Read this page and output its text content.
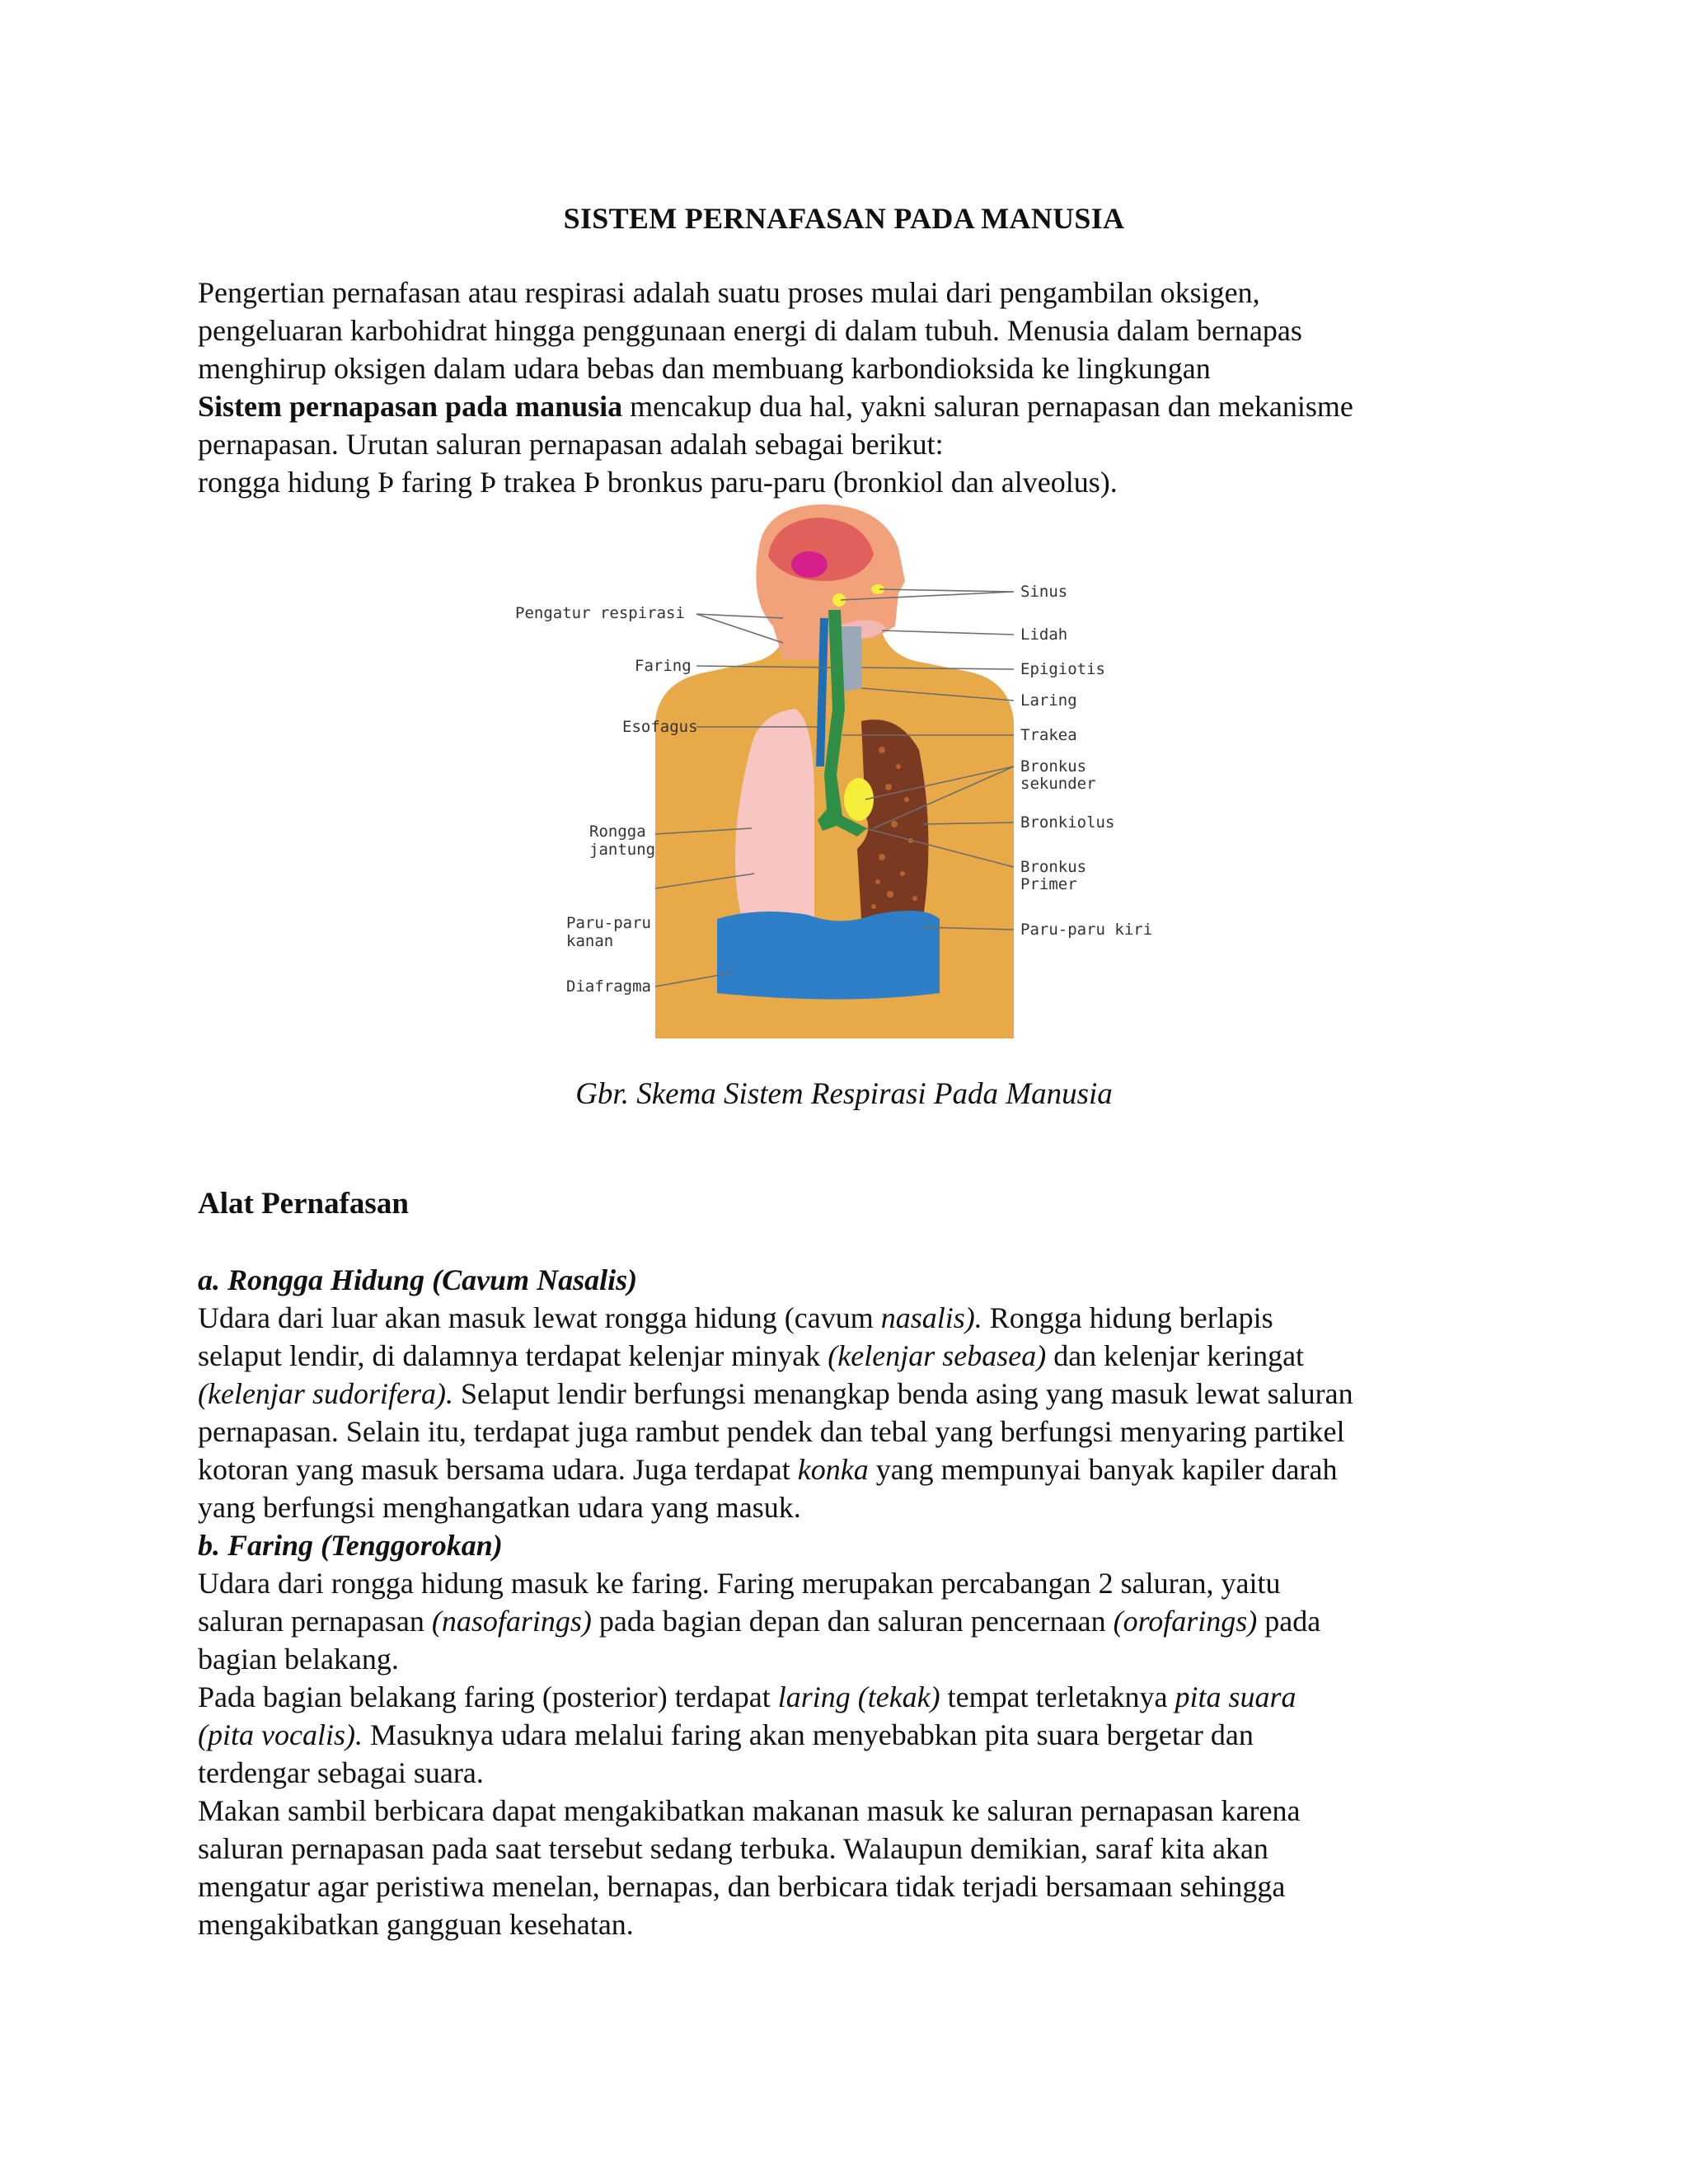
SISTEM PERNAFASAN PADA MANUSIA
Pengertian pernafasan atau respirasi adalah suatu proses mulai dari pengambilan oksigen,
pengeluaran karbohidrat hingga penggunaan energi di dalam tubuh. Menusia dalam bernapas
menghirup oksigen dalam udara bebas dan membuang karbondioksida ke lingkungan
Sistem pernapasan pada manusia mencakup dua hal, yakni saluran pernapasan dan mekanisme
pernapasan. Urutan saluran pernapasan adalah sebagai berikut:
rongga hidung Þ faring Þ trakea Þ bronkus paru-paru (bronkiol dan alveolus).
Pengatur respirasi
Faring
Esofagus
Rongga
jantung
Paru-paru
kanan
Diafragma
Sinus
Lidah
Epigiotis
Laring
Trakea
Bronkus
sekunder
Bronkiolus
Bronkus
Primer
Paru-paru kiri
Gbr. Skema Sistem Respirasi Pada Manusia
Alat Pernafasan
a. Rongga Hidung (Cavum Nasalis)
Udara dari luar akan masuk lewat rongga hidung (cavum nasalis). Rongga hidung berlapis
selaput lendir, di dalamnya terdapat kelenjar minyak (kelenjar sebasea) dan kelenjar keringat
(kelenjar sudorifera). Selaput lendir berfungsi menangkap benda asing yang masuk lewat saluran
pernapasan. Selain itu, terdapat juga rambut pendek dan tebal yang berfungsi menyaring partikel
kotoran yang masuk bersama udara. Juga terdapat konka yang mempunyai banyak kapiler darah
yang berfungsi menghangatkan udara yang masuk.
b. Faring (Tenggorokan)
Udara dari rongga hidung masuk ke faring. Faring merupakan percabangan 2 saluran, yaitu
saluran pernapasan (nasofarings) pada bagian depan dan saluran pencernaan (orofarings) pada
bagian belakang.
Pada bagian belakang faring (posterior) terdapat laring (tekak) tempat terletaknya pita suara
(pita vocalis). Masuknya udara melalui faring akan menyebabkan pita suara bergetar dan
terdengar sebagai suara.
Makan sambil berbicara dapat mengakibatkan makanan masuk ke saluran pernapasan karena
saluran pernapasan pada saat tersebut sedang terbuka. Walaupun demikian, saraf kita akan
mengatur agar peristiwa menelan, bernapas, dan berbicara tidak terjadi bersamaan sehingga
mengakibatkan gangguan kesehatan.
